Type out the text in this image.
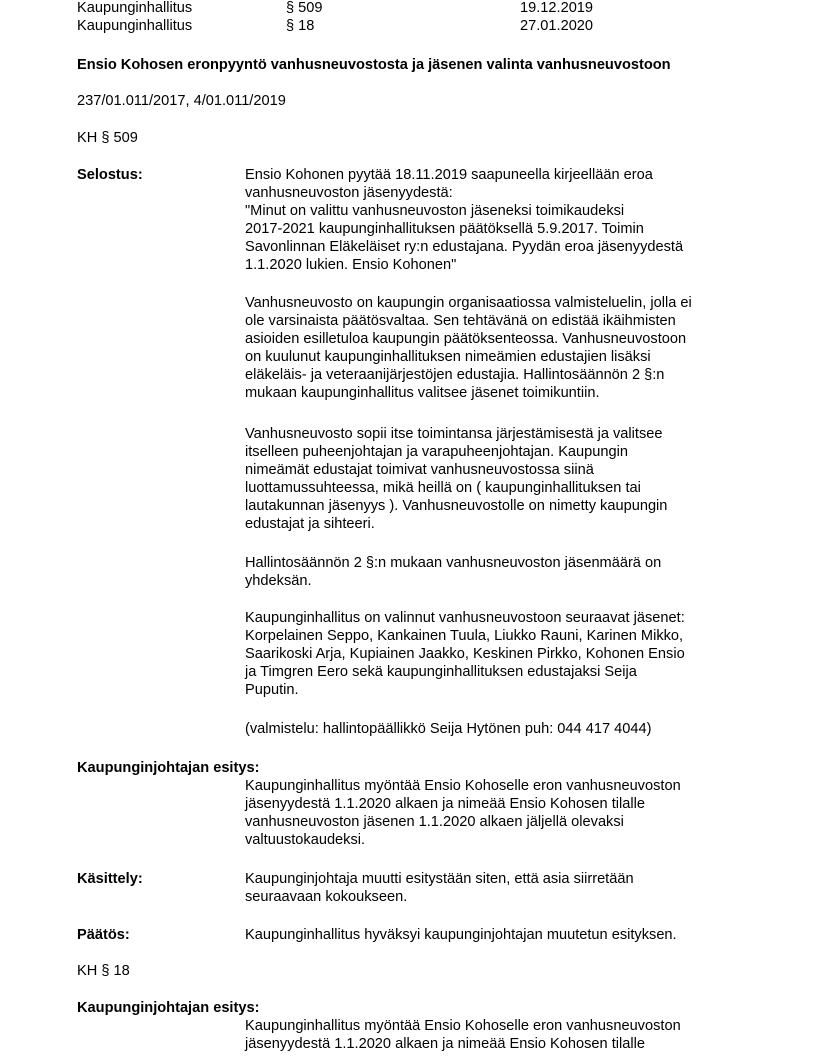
Kaupunginhallitus	§ 509	19.12.2019
Kaupunginhallitus	§ 18	27.01.2020
Ensio Kohosen eronpyyntö vanhusneuvostosta ja jäsenen valinta vanhusneuvostoon
237/01.011/2017, 4/01.011/2019
KH § 509
Selostus:	Ensio Kohonen pyytää 18.11.2019 saapuneella kirjeellään eroa
vanhusneuvoston jäsenyydestä:
"Minut on valittu vanhusneuvoston jäseneksi toimikaudeksi
2017-2021 kaupunginhallituksen päätöksellä 5.9.2017. Toimin
Savonlinnan Eläkeläiset ry:n edustajana. Pyydän eroa jäsenyydestä
1.1.2020 lukien. Ensio Kohonen"
Vanhusneuvosto on kaupungin organisaatiossa valmisteluelin, jolla ei
ole varsinaista päätösvaltaa. Sen tehtävänä on edistää ikäihmisten
asioiden esilletuloa kaupungin päätöksenteossa. Vanhusneuvostoon
on kuulunut kaupunginhallituksen nimeämien edustajien lisäksi
eläkeläis- ja veteraanijärjestöjen edustajia. Hallintosäännön 2 §:n
mukaan kaupunginhallitus valitsee jäsenet toimikuntiin.
Vanhusneuvosto sopii itse toimintansa järjestämisestä ja valitsee
itselleen puheenjohtajan ja varapuheenjohtajan. Kaupungin
nimeämät edustajat toimivat vanhusneuvostossa siinä
luottamussuhteessa, mikä heillä on ( kaupunginhallituksen tai
lautakunnan jäsenyys ). Vanhusneuvostolle on nimetty kaupungin
edustajat ja sihteeri.
Hallintosäännön 2 §:n mukaan vanhusneuvoston jäsenmäärä on
yhdeksän.
Kaupunginhallitus on valinnut vanhusneuvostoon seuraavat jäsenet:
Korpelainen Seppo, Kankainen Tuula, Liukko Rauni, Karinen Mikko,
Saarikoski Arja, Kupiainen Jaakko, Keskinen Pirkko, Kohonen Ensio
ja Timgren Eero sekä kaupunginhallituksen edustajaksi Seija
Puputin.
(valmistelu: hallintopäällikkö Seija Hytönen puh: 044 417 4044)
Kaupunginjohtajan esitys:
Kaupunginhallitus myöntää Ensio Kohoselle eron vanhusneuvoston
jäsenyydestä 1.1.2020 alkaen ja nimeää Ensio Kohosen tilalle
vanhusneuvoston jäsenen 1.1.2020 alkaen jäljellä olevaksi
valtuustokaudeksi.
Käsittely:	Kaupunginjohtaja muutti esitystään siten, että asia siirretään
seuraavaan kokoukseen.
Päätös:	Kaupunginhallitus hyväksyi kaupunginjohtajan muutetun esityksen.
KH § 18
Kaupunginjohtajan esitys:
Kaupunginhallitus myöntää Ensio Kohoselle eron vanhusneuvoston
jäsenyydestä 1.1.2020 alkaen ja nimeää Ensio Kohosen tilalle
